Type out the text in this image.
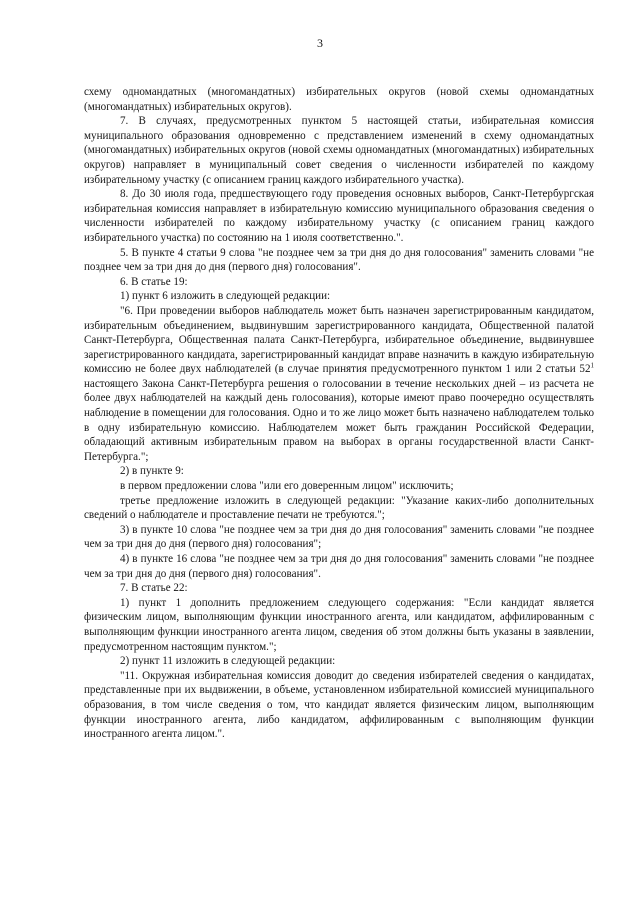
3

схему одномандатных (многомандатных) избирательных округов (новой схемы одномандатных (многомандатных) избирательных округов).

7. В случаях, предусмотренных пунктом 5 настоящей статьи, избирательная комиссия муниципального образования одновременно с представлением изменений в схему одномандатных (многомандатных) избирательных округов (новой схемы одномандатных (многомандатных) избирательных округов) направляет в муниципальный совет сведения о численности избирателей по каждому избирательному участку (с описанием границ каждого избирательного участка).

8. До 30 июля года, предшествующего году проведения основных выборов, Санкт-Петербургская избирательная комиссия направляет в избирательную комиссию муниципального образования сведения о численности избирателей по каждому избирательному участку (с описанием границ каждого избирательного участка) по состоянию на 1 июля соответственно.".

5. В пункте 4 статьи 9 слова "не позднее чем за три дня до дня голосования" заменить словами "не позднее чем за три дня до дня (первого дня) голосования".

6. В статье 19:

1) пункт 6 изложить в следующей редакции:

"6. При проведении выборов наблюдатель может быть назначен зарегистрированным кандидатом, избирательным объединением, выдвинувшим зарегистрированного кандидата, Общественной палатой Санкт-Петербурга, Общественная палата Санкт-Петербурга, избирательное объединение, выдвинувшее зарегистрированного кандидата, зарегистрированный кандидат вправе назначить в каждую избирательную комиссию не более двух наблюдателей (в случае принятия предусмотренного пунктом 1 или 2 статьи $52^1$ настоящего Закона Санкт-Петербурга решения о голосовании в течение нескольких дней – из расчета не более двух наблюдателей на каждый день голосования), которые имеют право поочередно осуществлять наблюдение в помещении для голосования. Одно и то же лицо может быть назначено наблюдателем только в одну избирательную комиссию. Наблюдателем может быть гражданин Российской Федерации, обладающий активным избирательным правом на выборах в органы государственной власти Санкт-Петербурга.";

2) в пункте 9:

в первом предложении слова "или его доверенным лицом" исключить;

третье предложение изложить в следующей редакции: "Указание каких-либо дополнительных сведений о наблюдателе и проставление печати не требуются.";

3) в пункте 10 слова "не позднее чем за три дня до дня голосования" заменить словами "не позднее чем за три дня до дня (первого дня) голосования";

4) в пункте 16 слова "не позднее чем за три дня до дня голосования" заменить словами "не позднее чем за три дня до дня (первого дня) голосования".

7. В статье 22:

1) пункт 1 дополнить предложением следующего содержания: "Если кандидат является физическим лицом, выполняющим функции иностранного агента, или кандидатом, аффилированным с выполняющим функции иностранного агента лицом, сведения об этом должны быть указаны в заявлении, предусмотренном настоящим пунктом.";

2) пункт 11 изложить в следующей редакции:

"11. Окружная избирательная комиссия доводит до сведения избирателей сведения о кандидатах, представленные при их выдвижении, в объеме, установленном избирательной комиссией муниципального образования, в том числе сведения о том, что кандидат является физическим лицом, выполняющим функции иностранного агента, либо кандидатом, аффилированным с выполняющим функции иностранного агента лицом.".
